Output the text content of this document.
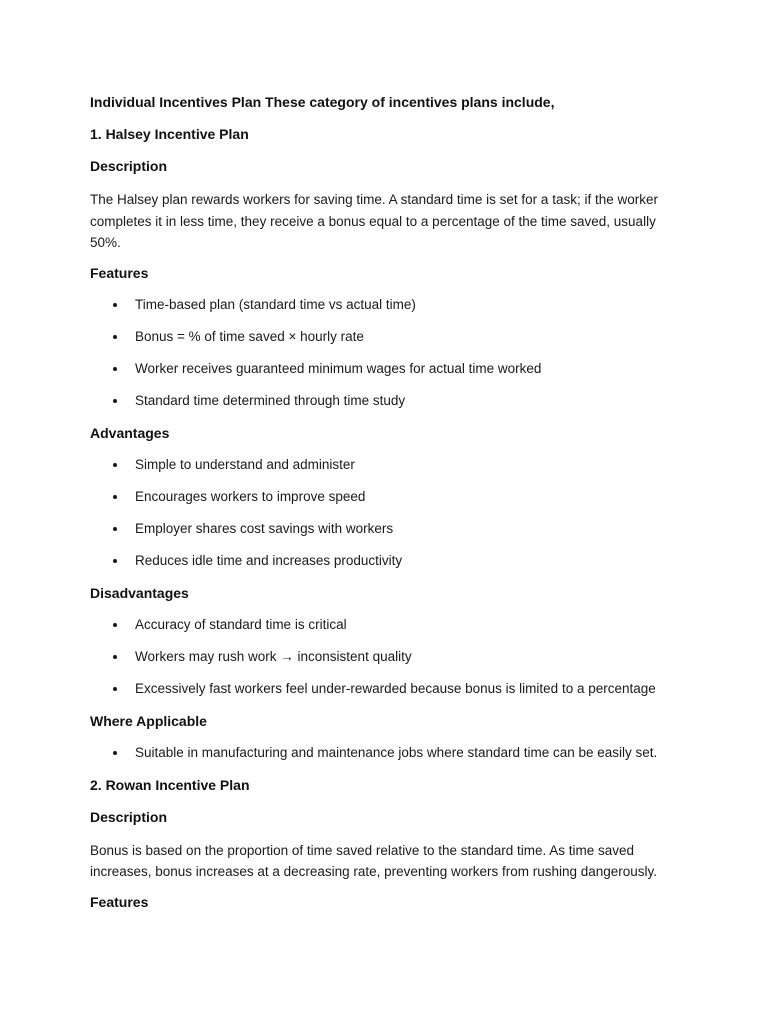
Individual Incentives Plan These category of incentives plans include,

1. Halsey Incentive Plan

Description

The Halsey plan rewards workers for saving time. A standard time is set for a task; if the worker completes it in less time, they receive a bonus equal to a percentage of the time saved, usually 50%.

Features

Time-based plan (standard time vs actual time)
Bonus = % of time saved × hourly rate
Worker receives guaranteed minimum wages for actual time worked
Standard time determined through time study

Advantages

Simple to understand and administer
Encourages workers to improve speed
Employer shares cost savings with workers
Reduces idle time and increases productivity

Disadvantages

Accuracy of standard time is critical
Workers may rush work → inconsistent quality
Excessively fast workers feel under-rewarded because bonus is limited to a percentage

Where Applicable

Suitable in manufacturing and maintenance jobs where standard time can be easily set.

2. Rowan Incentive Plan

Description

Bonus is based on the proportion of time saved relative to the standard time. As time saved increases, bonus increases at a decreasing rate, preventing workers from rushing dangerously.

Features
